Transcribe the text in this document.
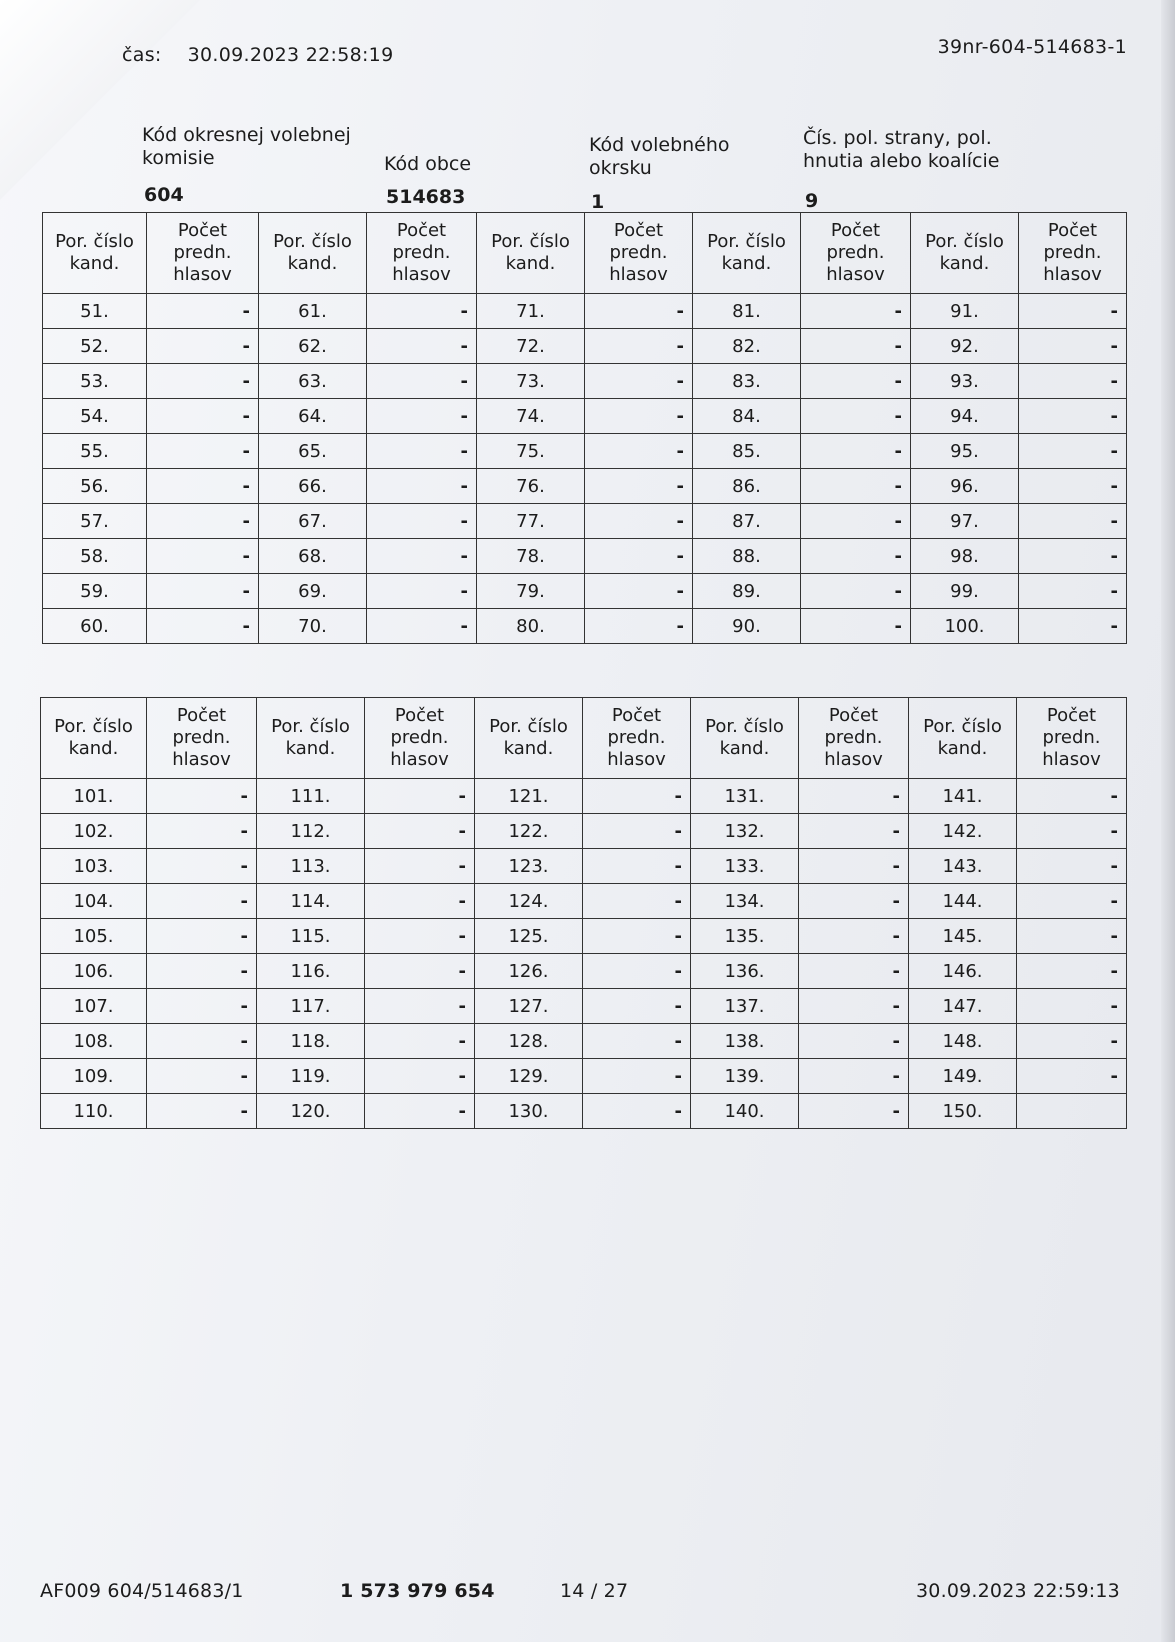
čas: 30.09.2023 22:58:19	39nr-604-514683-1
Kód okresnej volebnej komisie
604
Kód obce
514683
Kód volebného okrsku
1
Čís. pol. strany, pol. hnutia alebo koalície
9
Por. číslo kand.	Počet predn. hlasov	Por. číslo kand.	Počet predn. hlasov	Por. číslo kand.	Počet predn. hlasov	Por. číslo kand.	Počet predn. hlasov	Por. číslo kand.	Počet predn. hlasov
51.	-	61.	-	71.	-	81.	-	91.	-
52.	-	62.	-	72.	-	82.	-	92.	-
53.	-	63.	-	73.	-	83.	-	93.	-
54.	-	64.	-	74.	-	84.	-	94.	-
55.	-	65.	-	75.	-	85.	-	95.	-
56.	-	66.	-	76.	-	86.	-	96.	-
57.	-	67.	-	77.	-	87.	-	97.	-
58.	-	68.	-	78.	-	88.	-	98.	-
59.	-	69.	-	79.	-	89.	-	99.	-
60.	-	70.	-	80.	-	90.	-	100.	-
Por. číslo kand.	Počet predn. hlasov	Por. číslo kand.	Počet predn. hlasov	Por. číslo kand.	Počet predn. hlasov	Por. číslo kand.	Počet predn. hlasov	Por. číslo kand.	Počet predn. hlasov
101.	-	111.	-	121.	-	131.	-	141.	-
102.	-	112.	-	122.	-	132.	-	142.	-
103.	-	113.	-	123.	-	133.	-	143.	-
104.	-	114.	-	124.	-	134.	-	144.	-
105.	-	115.	-	125.	-	135.	-	145.	-
106.	-	116.	-	126.	-	136.	-	146.	-
107.	-	117.	-	127.	-	137.	-	147.	-
108.	-	118.	-	128.	-	138.	-	148.	-
109.	-	119.	-	129.	-	139.	-	149.	-
110.	-	120.	-	130.	-	140.	-	150.	
AF009 604/514683/1	1 573 979 654	14 / 27	30.09.2023 22:59:13
